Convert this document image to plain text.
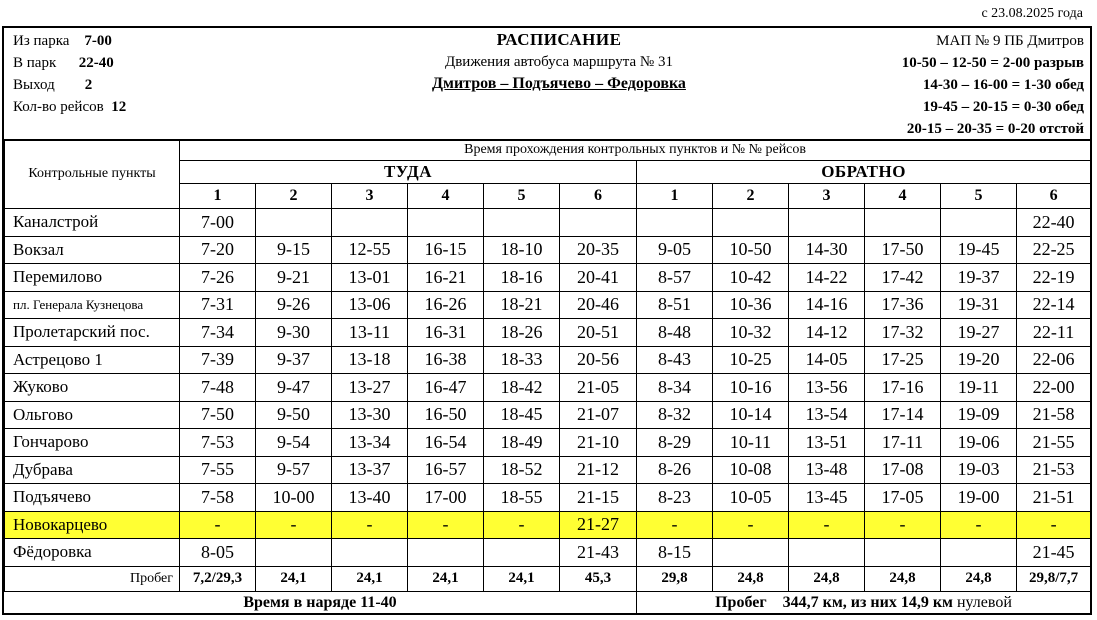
с 23.08.2025 года
Из парка 7-00
В парк 22-40
Выход 2
Кол-во рейсов 12
РАСПИСАНИЕ
Движения автобуса маршрута № 31
Дмитров – Подъячево – Федоровка
МАП № 9 ПБ Дмитров
10-50 – 12-50 = 2-00 разрыв
14-30 – 16-00 = 1-30 обед
19-45 – 20-15 = 0-30 обед
20-15 – 20-35 = 0-20 отстой
Контрольные пункты	Время прохождения контрольных пунктов и № № рейсов											
	ТУДА						ОБРАТНО					
	1	2	3	4	5	6	1	2	3	4	5	6
Каналстрой	7-00											22-40
Вокзал	7-20	9-15	12-55	16-15	18-10	20-35	9-05	10-50	14-30	17-50	19-45	22-25
Перемилово	7-26	9-21	13-01	16-21	18-16	20-41	8-57	10-42	14-22	17-42	19-37	22-19
пл. Генерала Кузнецова	7-31	9-26	13-06	16-26	18-21	20-46	8-51	10-36	14-16	17-36	19-31	22-14
Пролетарский пос.	7-34	9-30	13-11	16-31	18-26	20-51	8-48	10-32	14-12	17-32	19-27	22-11
Астрецово 1	7-39	9-37	13-18	16-38	18-33	20-56	8-43	10-25	14-05	17-25	19-20	22-06
Жуково	7-48	9-47	13-27	16-47	18-42	21-05	8-34	10-16	13-56	17-16	19-11	22-00
Ольгово	7-50	9-50	13-30	16-50	18-45	21-07	8-32	10-14	13-54	17-14	19-09	21-58
Гончарово	7-53	9-54	13-34	16-54	18-49	21-10	8-29	10-11	13-51	17-11	19-06	21-55
Дубрава	7-55	9-57	13-37	16-57	18-52	21-12	8-26	10-08	13-48	17-08	19-03	21-53
Подъячево	7-58	10-00	13-40	17-00	18-55	21-15	8-23	10-05	13-45	17-05	19-00	21-51
Новокарцево	-	-	-	-	-	21-27	-	-	-	-	-	-
Фёдоровка	8-05					21-43	8-15					21-45
Пробег	7,2/29,3	24,1	24,1	24,1	24,1	45,3	29,8	24,8	24,8	24,8	24,8	29,8/7,7
Время в наряде 11-40	Пробег 344,7 км, из них 14,9 км нулевой
